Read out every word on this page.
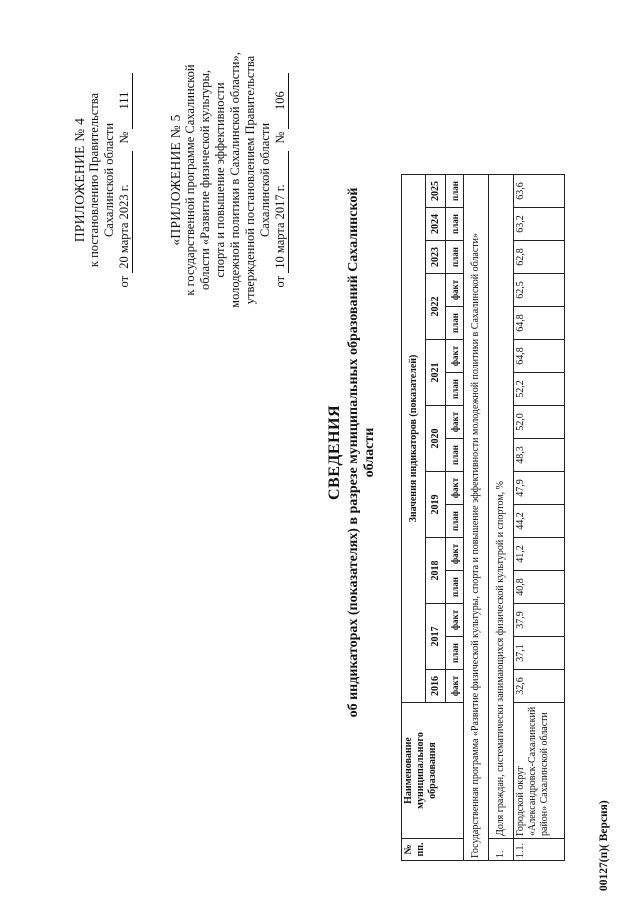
ПРИЛОЖЕНИЕ № 4 к постановлению Правительства Сахалинской области
от 20 марта 2023 г. № 111
«ПРИЛОЖЕНИЕ № 5 к государственной программе Сахалинской области «Развитие физической культуры, спорта и повышение эффективности молодежной политики в Сахалинской области», утвержденной постановлением Правительства Сахалинской области
от 10 марта 2017 г. № 106
СВЕДЕНИЯ об индикаторах (показателях) в разрезе муниципальных образований Сахалинской области
№ пп.	Наименование муниципального образования	Значения индикаторов (показателей)															
		2016	2017		2018		2019		2020		2021		2022		2023	2024	2025
		факт	план	факт	план	факт	план	факт	план	факт	план	факт	план	факт	план	план	план
Государственная программа «Развитие физической культуры, спорта и повышение эффективности молодежной политики в Сахалинской области»																	
1.	Доля граждан, систематически занимающихся физической культурой и спортом, %																
1.1.	Городской округ «Александровск-Сахалинский район» Сахалинской области	32,6	37,1	37,9	40,8	41,2	44,2	47,9	48,3	52,0	52,2	64,8	64,8	62,5	62,8	63,2	63,6
00127(п)( Версия)
